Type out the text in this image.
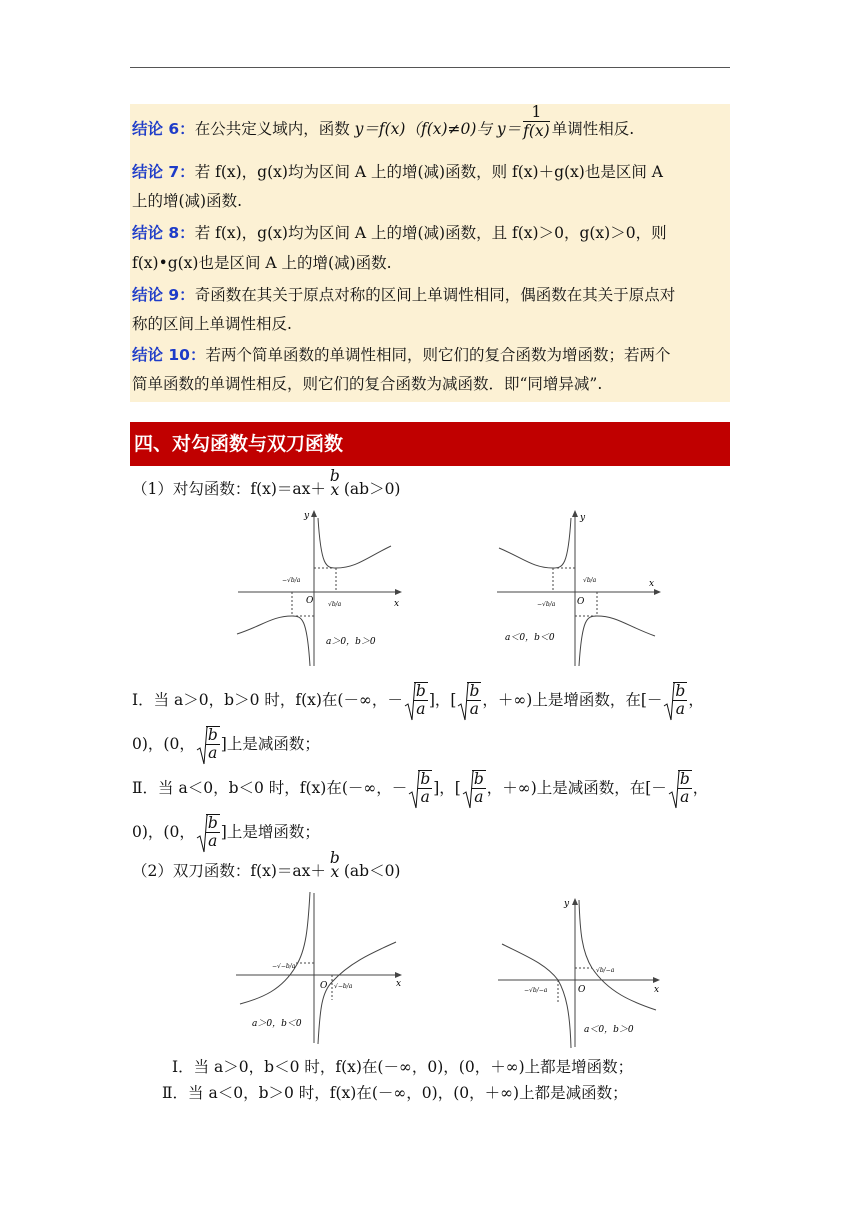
结论 6：在公共定义域内，函数 y＝f(x)（f(x)≠0)与 $y= \frac{1}{f(x)}$ 单调性相反.
结论 7：若 f(x)，g(x)均为区间 A 上的增(减)函数，则 f(x)＋g(x)也是区间 A
上的增(减)函数.
结论 8：若 f(x)，g(x)均为区间 A 上的增(减)函数，且 f(x)＞0，g(x)＞0，则
f(x)•g(x)也是区间 A 上的增(减)函数.
结论 9：奇函数在其关于原点对称的区间上单调性相同，偶函数在其关于原点对
称的区间上单调性相反.
结论 10：若两个简单函数的单调性相同，则它们的复合函数为增函数；若两个
简单函数的单调性相反，则它们的复合函数为减函数．即“同增异减”.
四、对勾函数与双刀函数
（1）对勾函数：f(x)＝ax＋
b
x (ab＞0)
x
y
O
−√b/a
√b/a
a＞0，b＞0
x
y
O
√b/a
−√b/a
a＜0，b＜0
Ⅰ．当 a＞0，b＞0 时，f(x)在(－∞，－ $\frac{b}{a}$ ]，[ $\frac{b}{a}$ ，＋∞)上是增函数，在[－ $\frac{b}{a}$ ，
0)，(0， $\frac{b}{a}$ ]上是减函数；
Ⅱ．当 a＜0，b＜0 时，f(x)在(－∞，－ $\frac{b}{a}$ ]，[ $\frac{b}{a}$ ，＋∞)上是减函数，在[－ $\frac{b}{a}$ ，
0)，(0， $\frac{b}{a}$ ]上是增函数；
（2）双刀函数：f(x)＝ax＋
b
x (ab＜0)
x
O
−√−b/a
√−b/a
a＞0，b＜0
x
y
O
√b/−a
−√b/−a
a＜0，b＞0
Ⅰ．当 a＞0，b＜0 时，f(x)在(－∞，0)，(0，＋∞)上都是增函数；
Ⅱ．当 a＜0，b＞0 时，f(x)在(－∞，0)，(0，＋∞)上都是减函数；
